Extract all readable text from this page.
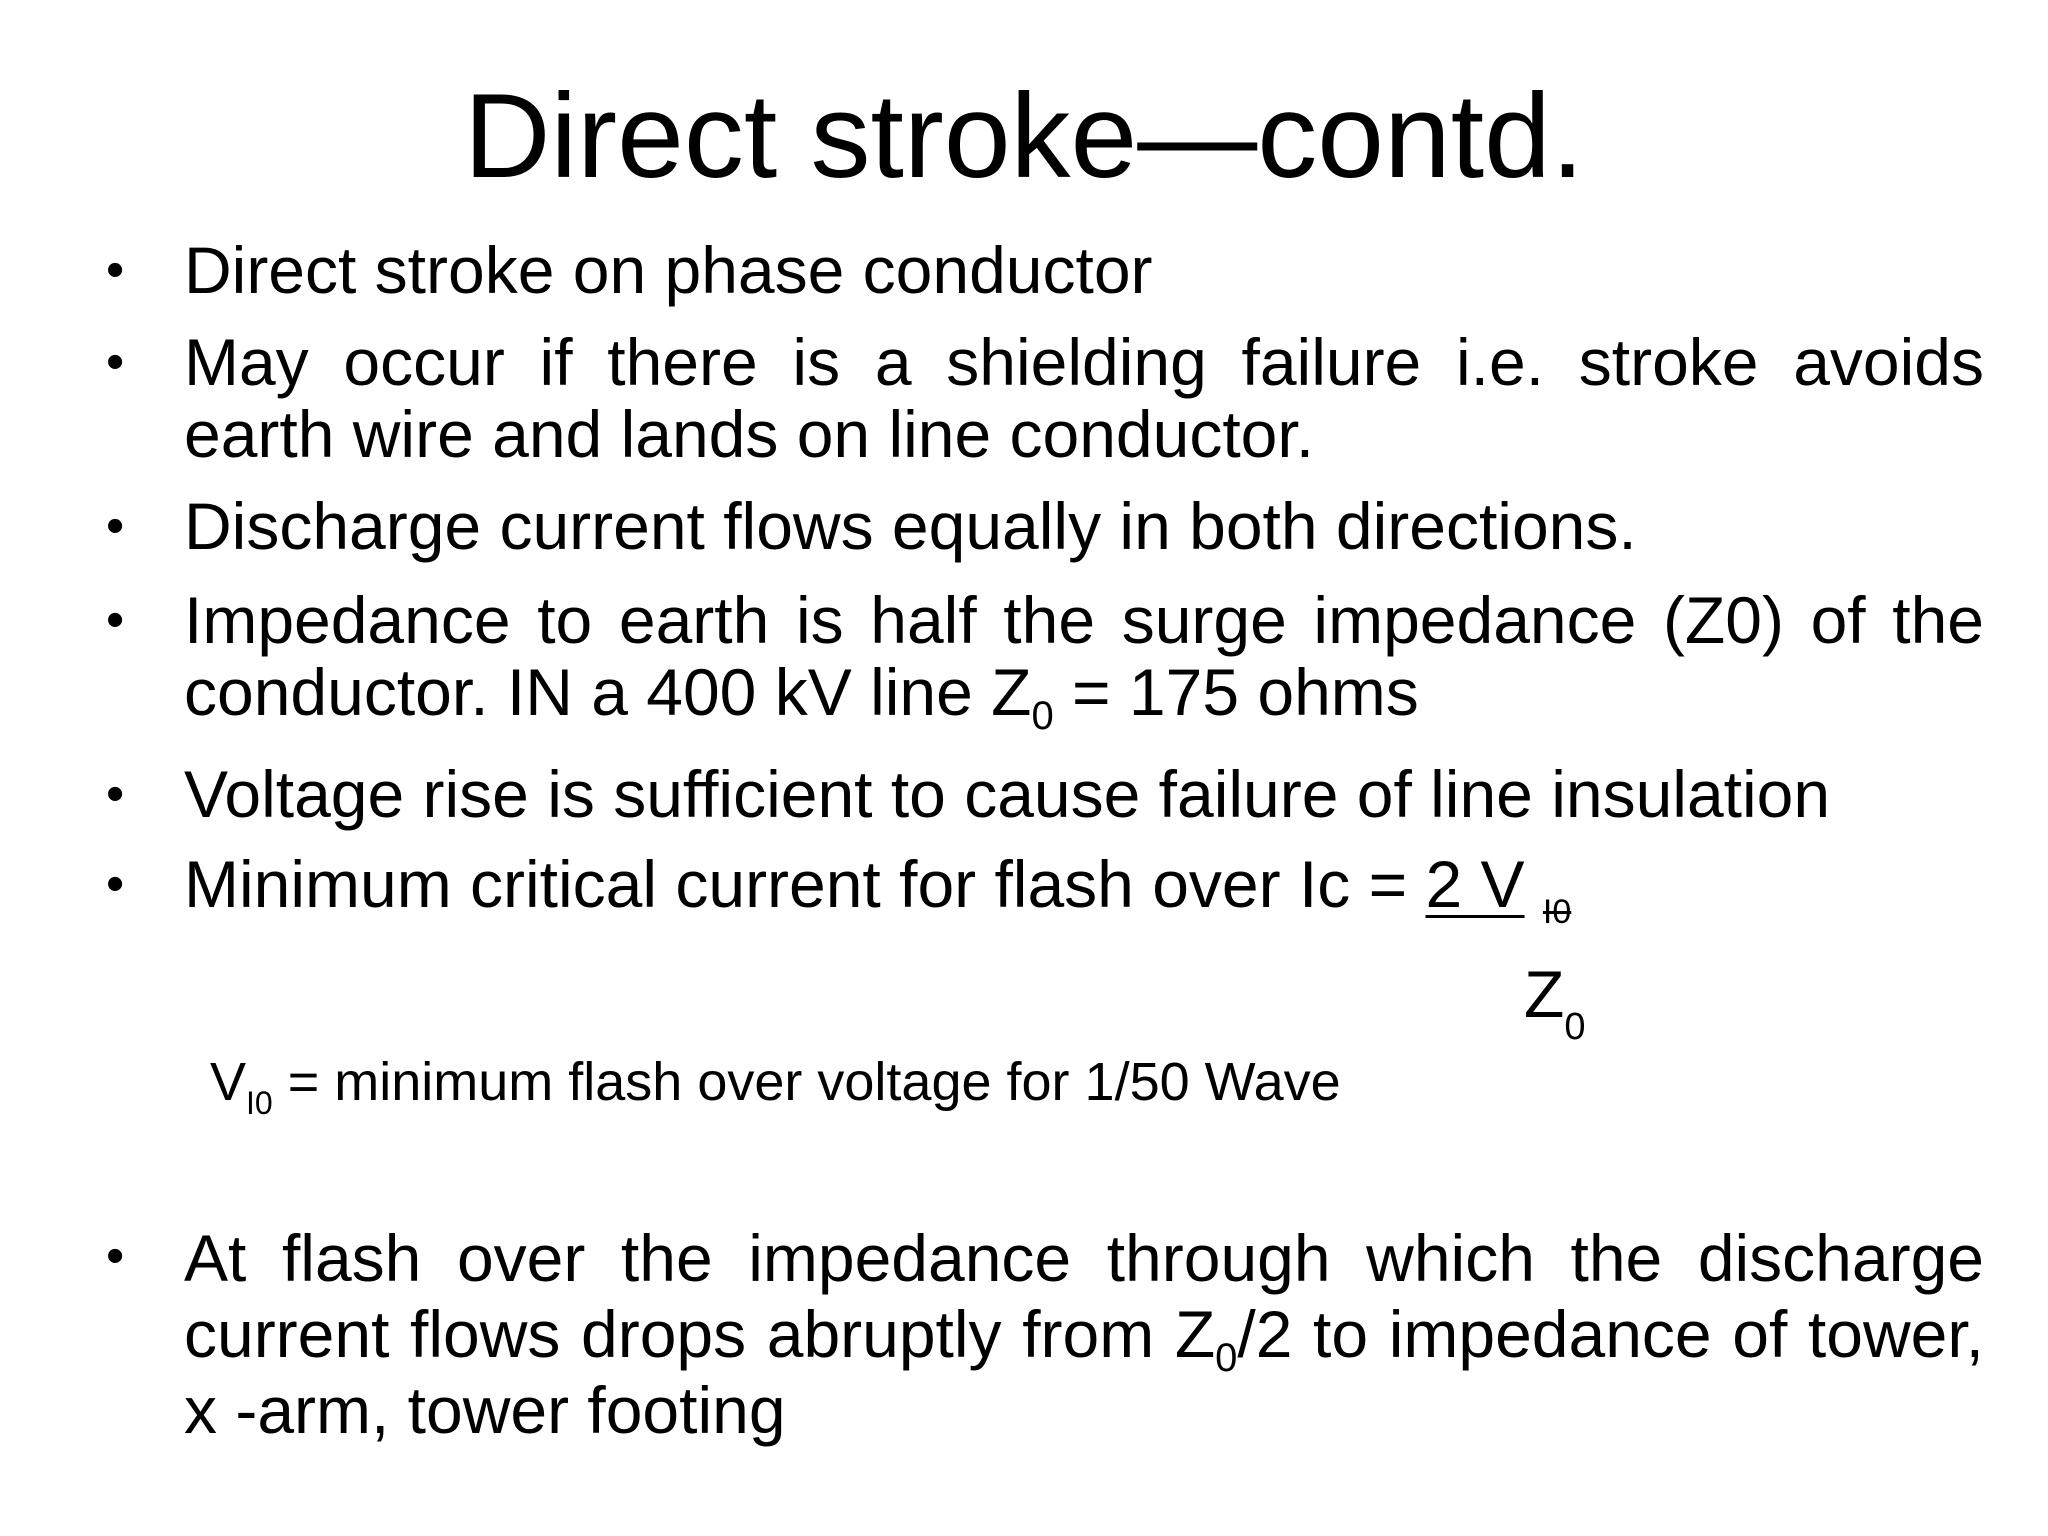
Direct stroke—contd.
• Direct stroke on phase conductor
• May occur if there is a shielding failure i.e. stroke avoids earth wire and lands on line conductor.
• Discharge current flows equally in both directions.
• Impedance to earth is half the surge impedance (Z0) of the conductor. IN a 400 kV line $Z_0 = 175$ ohms
• Voltage rise is sufficient to cause failure of line insulation
• Minimum critical current for flash over Ic = 2 V $_{I0}$
$Z_0$
$V_{I0}$ = minimum flash over voltage for 1/50 Wave
• At flash over the impedance through which the discharge current flows drops abruptly from $Z_0/2$ to impedance of tower, x -arm, tower footing
